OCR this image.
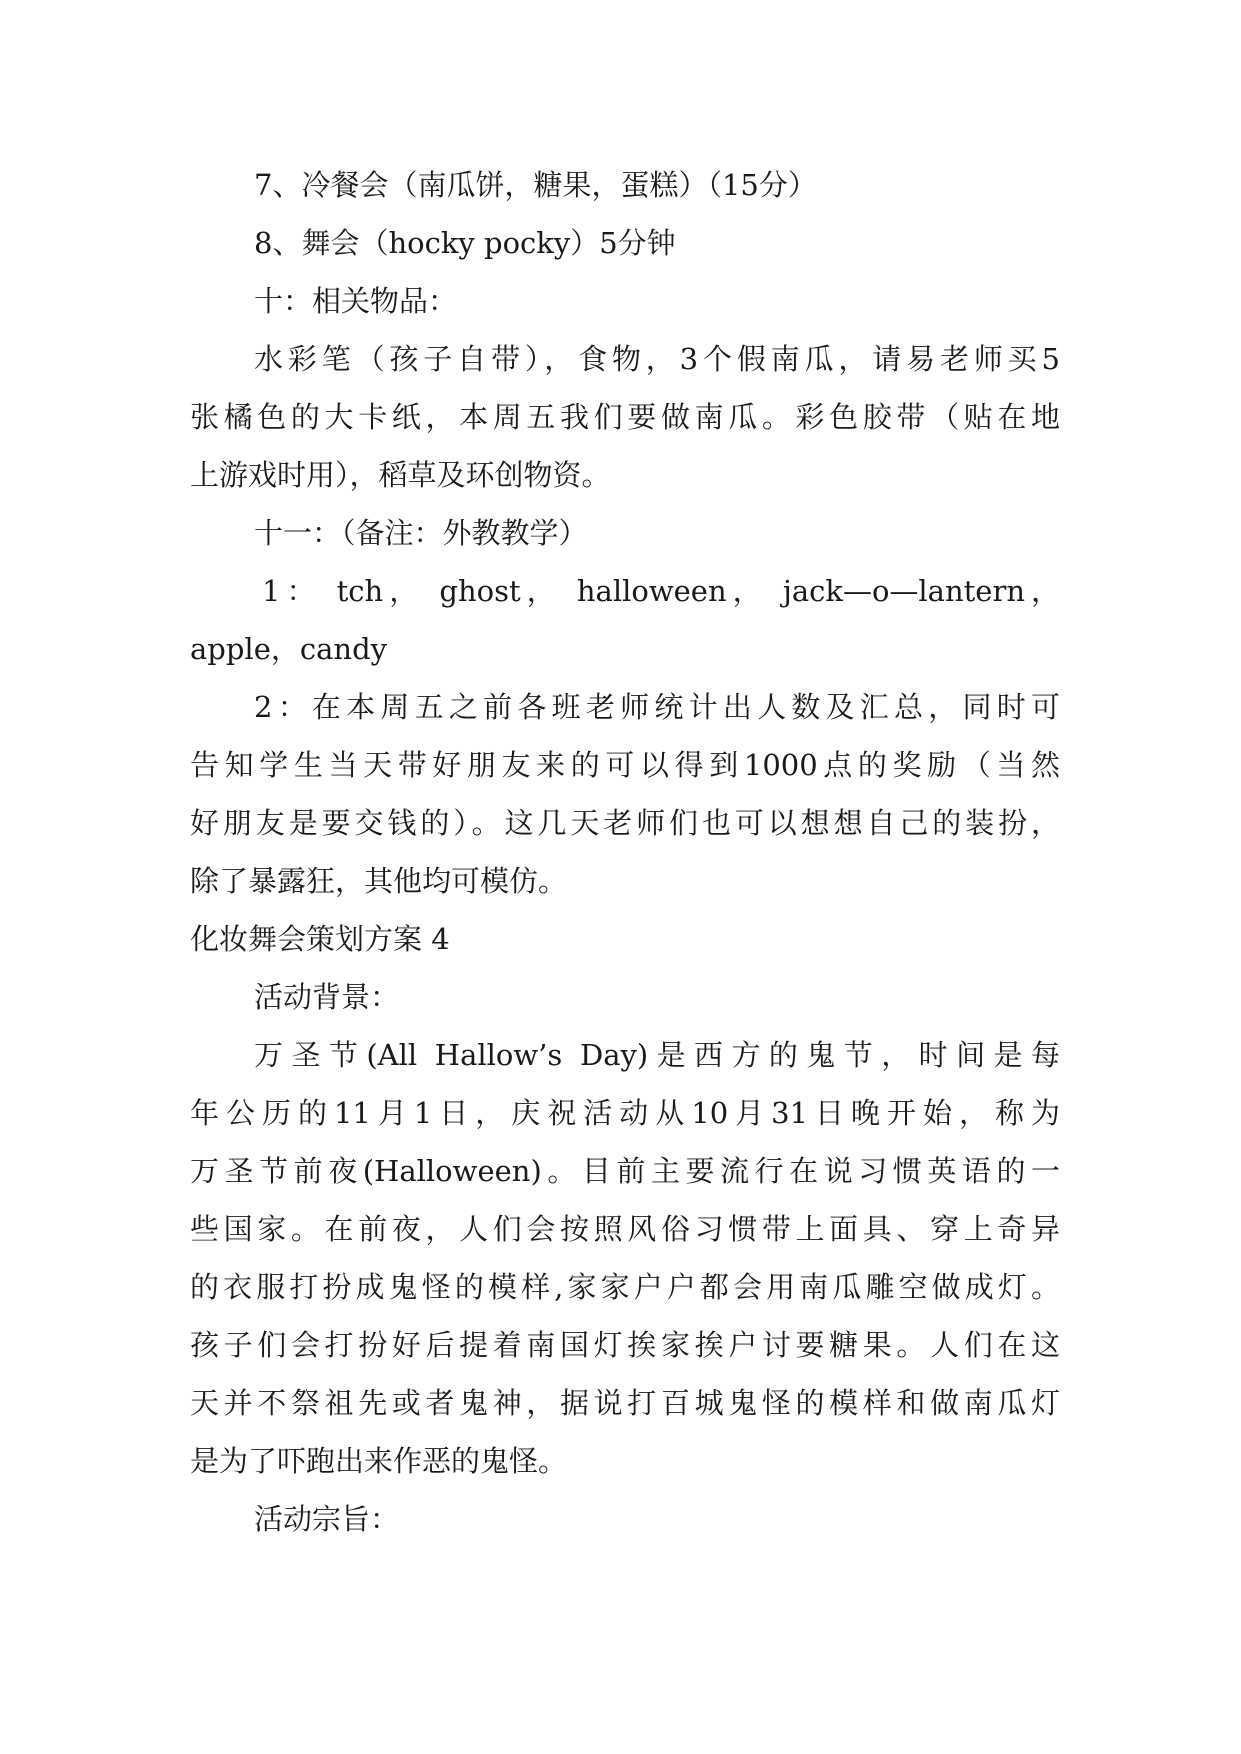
7、冷餐会（南瓜饼，糖果，蛋糕）（15分）
8、舞会（hocky pocky）5分钟
十：相关物品：
水彩笔（孩子自带），食物，3个假南瓜，请易老师买5
张橘色的大卡纸，本周五我们要做南瓜。彩色胶带（贴在地
上游戏时用），稻草及环创物资。
十一：（备注：外教教学）
1： tch， ghost， halloween， jack—o—lantern，
apple，candy
2：在本周五之前各班老师统计出人数及汇总，同时可
告知学生当天带好朋友来的可以得到1000点的奖励（当然
好朋友是要交钱的）。这几天老师们也可以想想自己的装扮，
除了暴露狂，其他均可模仿。
化妆舞会策划方案 4
活动背景：
万圣节(All Hallow’s Day)是西方的鬼节，时间是每
年公历的11月1日，庆祝活动从10月31日晚开始，称为
万圣节前夜(Halloween)。目前主要流行在说习惯英语的一
些国家。在前夜，人们会按照风俗习惯带上面具、穿上奇异
的衣服打扮成鬼怪的模样,家家户户都会用南瓜雕空做成灯。
孩子们会打扮好后提着南国灯挨家挨户讨要糖果。人们在这
天并不祭祖先或者鬼神，据说打百城鬼怪的模样和做南瓜灯
是为了吓跑出来作恶的鬼怪。
活动宗旨：
